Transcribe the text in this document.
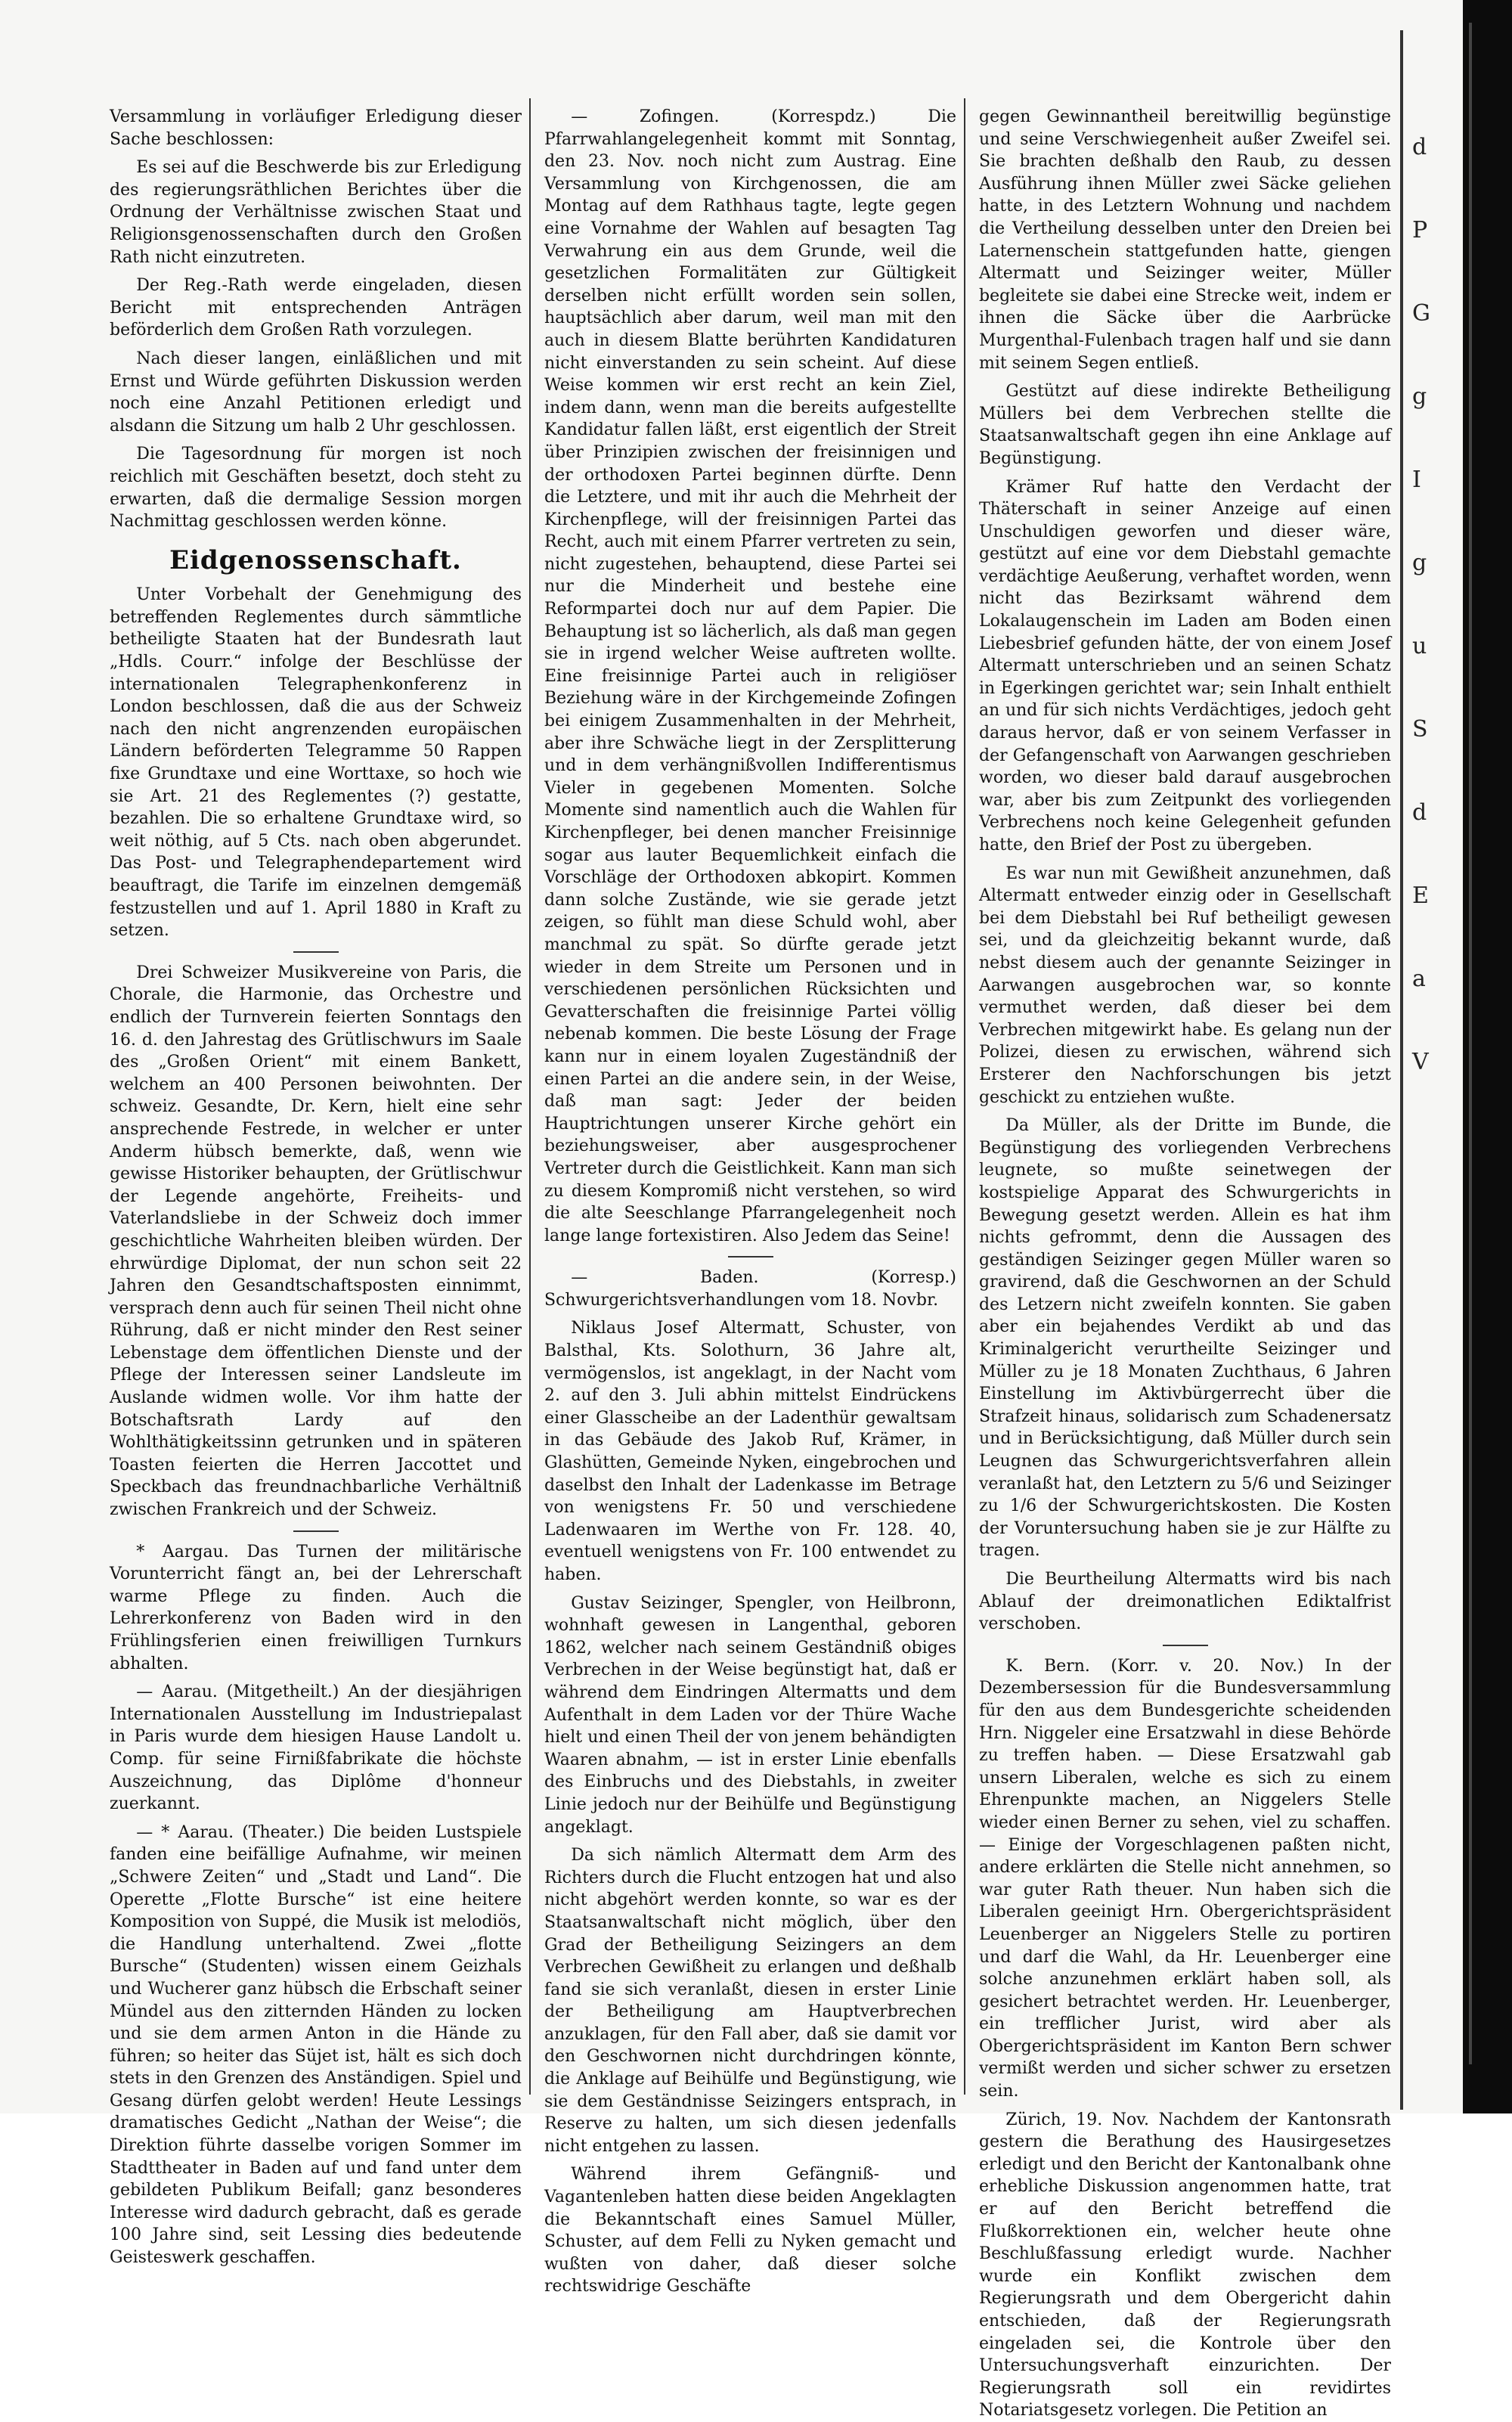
Versammlung in vorläufiger Erledigung dieser Sache beschlossen:

Es sei auf die Beschwerde bis zur Erledigung des regierungsräthlichen Berichtes über die Ordnung der Verhältnisse zwischen Staat und Religionsgenossenschaften durch den Großen Rath nicht einzutreten.

Der Reg.-Rath werde eingeladen, diesen Bericht mit entsprechenden Anträgen beförderlich dem Großen Rath vorzulegen.

Nach dieser langen, einläßlichen und mit Ernst und Würde geführten Diskussion werden noch eine Anzahl Petitionen erledigt und alsdann die Sitzung um halb 2 Uhr geschlossen.

Die Tagesordnung für morgen ist noch reichlich mit Geschäften besetzt, doch steht zu erwarten, daß die dermalige Session morgen Nachmittag geschlossen werden könne.

Eidgenossenschaft.

Unter Vorbehalt der Genehmigung des betreffenden Reglementes durch sämmtliche betheiligte Staaten hat der Bundesrath laut „Hdls. Courr.“ infolge der Beschlüsse der internationalen Telegraphenkonferenz in London beschlossen, daß die aus der Schweiz nach den nicht angrenzenden europäischen Ländern beförderten Telegramme 50 Rappen fixe Grundtaxe und eine Worttaxe, so hoch wie sie Art. 21 des Reglementes (?) gestatte, bezahlen. Die so erhaltene Grundtaxe wird, so weit nöthig, auf 5 Cts. nach oben abgerundet. Das Post- und Telegraphendepartement wird beauftragt, die Tarife im einzelnen demgemäß festzustellen und auf 1. April 1880 in Kraft zu setzen.

Drei Schweizer Musikvereine von Paris, die Chorale, die Harmonie, das Orchestre und endlich der Turnverein feierten Sonntags den 16. d. den Jahrestag des Grütlischwurs im Saale des „Großen Orient“ mit einem Bankett, welchem an 400 Personen beiwohnten. Der schweiz. Gesandte, Dr. Kern, hielt eine sehr ansprechende Festrede, in welcher er unter Anderm hübsch bemerkte, daß, wenn wie gewisse Historiker behaupten, der Grütlischwur der Legende angehörte, Freiheits- und Vaterlandsliebe in der Schweiz doch immer geschichtliche Wahrheiten bleiben würden. Der ehrwürdige Diplomat, der nun schon seit 22 Jahren den Gesandtschaftsposten einnimmt, versprach denn auch für seinen Theil nicht ohne Rührung, daß er nicht minder den Rest seiner Lebenstage dem öffentlichen Dienste und der Pflege der Interessen seiner Landsleute im Auslande widmen wolle. Vor ihm hatte der Botschaftsrath Lardy auf den Wohlthätigkeitssinn getrunken und in späteren Toasten feierten die Herren Jaccottet und Speckbach das freundnachbarliche Verhältniß zwischen Frankreich und der Schweiz.

* Aargau. Das Turnen der militärische Vorunterricht fängt an, bei der Lehrerschaft warme Pflege zu finden. Auch die Lehrerkonferenz von Baden wird in den Frühlingsferien einen freiwilligen Turnkurs abhalten.

— Aarau. (Mitgetheilt.) An der diesjährigen Internationalen Ausstellung im Industriepalast in Paris wurde dem hiesigen Hause Landolt u. Comp. für seine Firnißfabrikate die höchste Auszeichnung, das Diplôme d'honneur zuerkannt.

— * Aarau. (Theater.) Die beiden Lustspiele fanden eine beifällige Aufnahme, wir meinen „Schwere Zeiten“ und „Stadt und Land“. Die Operette „Flotte Bursche“ ist eine heitere Komposition von Suppé, die Musik ist melodiös, die Handlung unterhaltend. Zwei „flotte Bursche“ (Studenten) wissen einem Geizhals und Wucherer ganz hübsch die Erbschaft seiner Mündel aus den zitternden Händen zu locken und sie dem armen Anton in die Hände zu führen; so heiter das Süjet ist, hält es sich doch stets in den Grenzen des Anständigen. Spiel und Gesang dürfen gelobt werden! Heute Lessings dramatisches Gedicht „Nathan der Weise“; die Direktion führte dasselbe vorigen Sommer im Stadttheater in Baden auf und fand unter dem gebildeten Publikum Beifall; ganz besonderes Interesse wird dadurch gebracht, daß es gerade 100 Jahre sind, seit Lessing dies bedeutende Geisteswerk geschaffen.

— Zofingen. (Korrespdz.) Die Pfarrwahlangelegenheit kommt mit Sonntag, den 23. Nov. noch nicht zum Austrag. Eine Versammlung von Kirchgenossen, die am Montag auf dem Rathhaus tagte, legte gegen eine Vornahme der Wahlen auf besagten Tag Verwahrung ein aus dem Grunde, weil die gesetzlichen Formalitäten zur Gültigkeit derselben nicht erfüllt worden sein sollen, hauptsächlich aber darum, weil man mit den auch in diesem Blatte berührten Kandidaturen nicht einverstanden zu sein scheint. Auf diese Weise kommen wir erst recht an kein Ziel, indem dann, wenn man die bereits aufgestellte Kandidatur fallen läßt, erst eigentlich der Streit über Prinzipien zwischen der freisinnigen und der orthodoxen Partei beginnen dürfte. Denn die Letztere, und mit ihr auch die Mehrheit der Kirchenpflege, will der freisinnigen Partei das Recht, auch mit einem Pfarrer vertreten zu sein, nicht zugestehen, behauptend, diese Partei sei nur die Minderheit und bestehe eine Reformpartei doch nur auf dem Papier. Die Behauptung ist so lächerlich, als daß man gegen sie in irgend welcher Weise auftreten wollte. Eine freisinnige Partei auch in religiöser Beziehung wäre in der Kirchgemeinde Zofingen bei einigem Zusammenhalten in der Mehrheit, aber ihre Schwäche liegt in der Zersplitterung und in dem verhängnißvollen Indifferentismus Vieler in gegebenen Momenten. Solche Momente sind namentlich auch die Wahlen für Kirchenpfleger, bei denen mancher Freisinnige sogar aus lauter Bequemlichkeit einfach die Vorschläge der Orthodoxen abkopirt. Kommen dann solche Zustände, wie sie gerade jetzt zeigen, so fühlt man diese Schuld wohl, aber manchmal zu spät. So dürfte gerade jetzt wieder in dem Streite um Personen und in verschiedenen persönlichen Rücksichten und Gevatterschaften die freisinnige Partei völlig nebenab kommen. Die beste Lösung der Frage kann nur in einem loyalen Zugeständniß der einen Partei an die andere sein, in der Weise, daß man sagt: Jeder der beiden Hauptrichtungen unserer Kirche gehört ein beziehungsweiser, aber ausgesprochener Vertreter durch die Geistlichkeit. Kann man sich zu diesem Kompromiß nicht verstehen, so wird die alte Seeschlange Pfarrangelegenheit noch lange lange fortexistiren. Also Jedem das Seine!

— Baden. (Korresp.) Schwurgerichtsverhandlungen vom 18. Novbr.

Niklaus Josef Altermatt, Schuster, von Balsthal, Kts. Solothurn, 36 Jahre alt, vermögenslos, ist angeklagt, in der Nacht vom 2. auf den 3. Juli abhin mittelst Eindrückens einer Glasscheibe an der Ladenthür gewaltsam in das Gebäude des Jakob Ruf, Krämer, in Glashütten, Gemeinde Nyken, eingebrochen und daselbst den Inhalt der Ladenkasse im Betrage von wenigstens Fr. 50 und verschiedene Ladenwaaren im Werthe von Fr. 128. 40, eventuell wenigstens von Fr. 100 entwendet zu haben.

Gustav Seizinger, Spengler, von Heilbronn, wohnhaft gewesen in Langenthal, geboren 1862, welcher nach seinem Geständniß obiges Verbrechen in der Weise begünstigt hat, daß er während dem Eindringen Altermatts und dem Aufenthalt in dem Laden vor der Thüre Wache hielt und einen Theil der von jenem behändigten Waaren abnahm, — ist in erster Linie ebenfalls des Einbruchs und des Diebstahls, in zweiter Linie jedoch nur der Beihülfe und Begünstigung angeklagt.

Da sich nämlich Altermatt dem Arm des Richters durch die Flucht entzogen hat und also nicht abgehört werden konnte, so war es der Staatsanwaltschaft nicht möglich, über den Grad der Betheiligung Seizingers an dem Verbrechen Gewißheit zu erlangen und deßhalb fand sie sich veranlaßt, diesen in erster Linie der Betheiligung am Hauptverbrechen anzuklagen, für den Fall aber, daß sie damit vor den Geschwornen nicht durchdringen könnte, die Anklage auf Beihülfe und Begünstigung, wie sie dem Geständnisse Seizingers entsprach, in Reserve zu halten, um sich diesen jedenfalls nicht entgehen zu lassen.

Während ihrem Gefängniß- und Vagantenleben hatten diese beiden Angeklagten die Bekanntschaft eines Samuel Müller, Schuster, auf dem Felli zu Nyken gemacht und wußten von daher, daß dieser solche rechtswidrige Geschäfte

gegen Gewinnantheil bereitwillig begünstige und seine Verschwiegenheit außer Zweifel sei. Sie brachten deßhalb den Raub, zu dessen Ausführung ihnen Müller zwei Säcke geliehen hatte, in des Letztern Wohnung und nachdem die Vertheilung desselben unter den Dreien bei Laternenschein stattgefunden hatte, giengen Altermatt und Seizinger weiter, Müller begleitete sie dabei eine Strecke weit, indem er ihnen die Säcke über die Aarbrücke Murgenthal-Fulenbach tragen half und sie dann mit seinem Segen entließ.

Gestützt auf diese indirekte Betheiligung Müllers bei dem Verbrechen stellte die Staatsanwaltschaft gegen ihn eine Anklage auf Begünstigung.

Krämer Ruf hatte den Verdacht der Thäterschaft in seiner Anzeige auf einen Unschuldigen geworfen und dieser wäre, gestützt auf eine vor dem Diebstahl gemachte verdächtige Aeußerung, verhaftet worden, wenn nicht das Bezirksamt während dem Lokalaugenschein im Laden am Boden einen Liebesbrief gefunden hätte, der von einem Josef Altermatt unterschrieben und an seinen Schatz in Egerkingen gerichtet war; sein Inhalt enthielt an und für sich nichts Verdächtiges, jedoch geht daraus hervor, daß er von seinem Verfasser in der Gefangenschaft von Aarwangen geschrieben worden, wo dieser bald darauf ausgebrochen war, aber bis zum Zeitpunkt des vorliegenden Verbrechens noch keine Gelegenheit gefunden hatte, den Brief der Post zu übergeben.

Es war nun mit Gewißheit anzunehmen, daß Altermatt entweder einzig oder in Gesellschaft bei dem Diebstahl bei Ruf betheiligt gewesen sei, und da gleichzeitig bekannt wurde, daß nebst diesem auch der genannte Seizinger in Aarwangen ausgebrochen war, so konnte vermuthet werden, daß dieser bei dem Verbrechen mitgewirkt habe. Es gelang nun der Polizei, diesen zu erwischen, während sich Ersterer den Nachforschungen bis jetzt geschickt zu entziehen wußte.

Da Müller, als der Dritte im Bunde, die Begünstigung des vorliegenden Verbrechens leugnete, so mußte seinetwegen der kostspielige Apparat des Schwurgerichts in Bewegung gesetzt werden. Allein es hat ihm nichts gefrommt, denn die Aussagen des geständigen Seizinger gegen Müller waren so gravirend, daß die Geschwornen an der Schuld des Letzern nicht zweifeln konnten. Sie gaben aber ein bejahendes Verdikt ab und das Kriminalgericht verurtheilte Seizinger und Müller zu je 18 Monaten Zuchthaus, 6 Jahren Einstellung im Aktivbürgerrecht über die Strafzeit hinaus, solidarisch zum Schadenersatz und in Berücksichtigung, daß Müller durch sein Leugnen das Schwurgerichtsverfahren allein veranlaßt hat, den Letztern zu 5/6 und Seizinger zu 1/6 der Schwurgerichtskosten. Die Kosten der Voruntersuchung haben sie je zur Hälfte zu tragen.

Die Beurtheilung Altermatts wird bis nach Ablauf der dreimonatlichen Ediktalfrist verschoben.

K. Bern. (Korr. v. 20. Nov.) In der Dezembersession für die Bundesversammlung für den aus dem Bundesgerichte scheidenden Hrn. Niggeler eine Ersatzwahl in diese Behörde zu treffen haben. — Diese Ersatzwahl gab unsern Liberalen, welche es sich zu einem Ehrenpunkte machen, an Niggelers Stelle wieder einen Berner zu sehen, viel zu schaffen. — Einige der Vorgeschlagenen paßten nicht, andere erklärten die Stelle nicht annehmen, so war guter Rath theuer. Nun haben sich die Liberalen geeinigt Hrn. Obergerichtspräsident Leuenberger an Niggelers Stelle zu portiren und darf die Wahl, da Hr. Leuenberger eine solche anzunehmen erklärt haben soll, als gesichert betrachtet werden. Hr. Leuenberger, ein trefflicher Jurist, wird aber als Obergerichtspräsident im Kanton Bern schwer vermißt werden und sicher schwer zu ersetzen sein.

Zürich, 19. Nov. Nachdem der Kantonsrath gestern die Berathung des Hausirgesetzes erledigt und den Bericht der Kantonalbank ohne erhebliche Diskussion angenommen hatte, trat er auf den Bericht betreffend die Flußkorrektionen ein, welcher heute ohne Beschlußfassung erledigt wurde. Nachher wurde ein Konflikt zwischen dem Regierungsrath und dem Obergericht dahin entschieden, daß der Regierungsrath eingeladen sei, die Kontrole über den Untersuchungsverhaft einzurichten. Der Regierungsrath soll ein revidirtes Notariatsgesetz vorlegen. Die Petition an

d
P
G
g
I
g
u
S
d
E
a
V
